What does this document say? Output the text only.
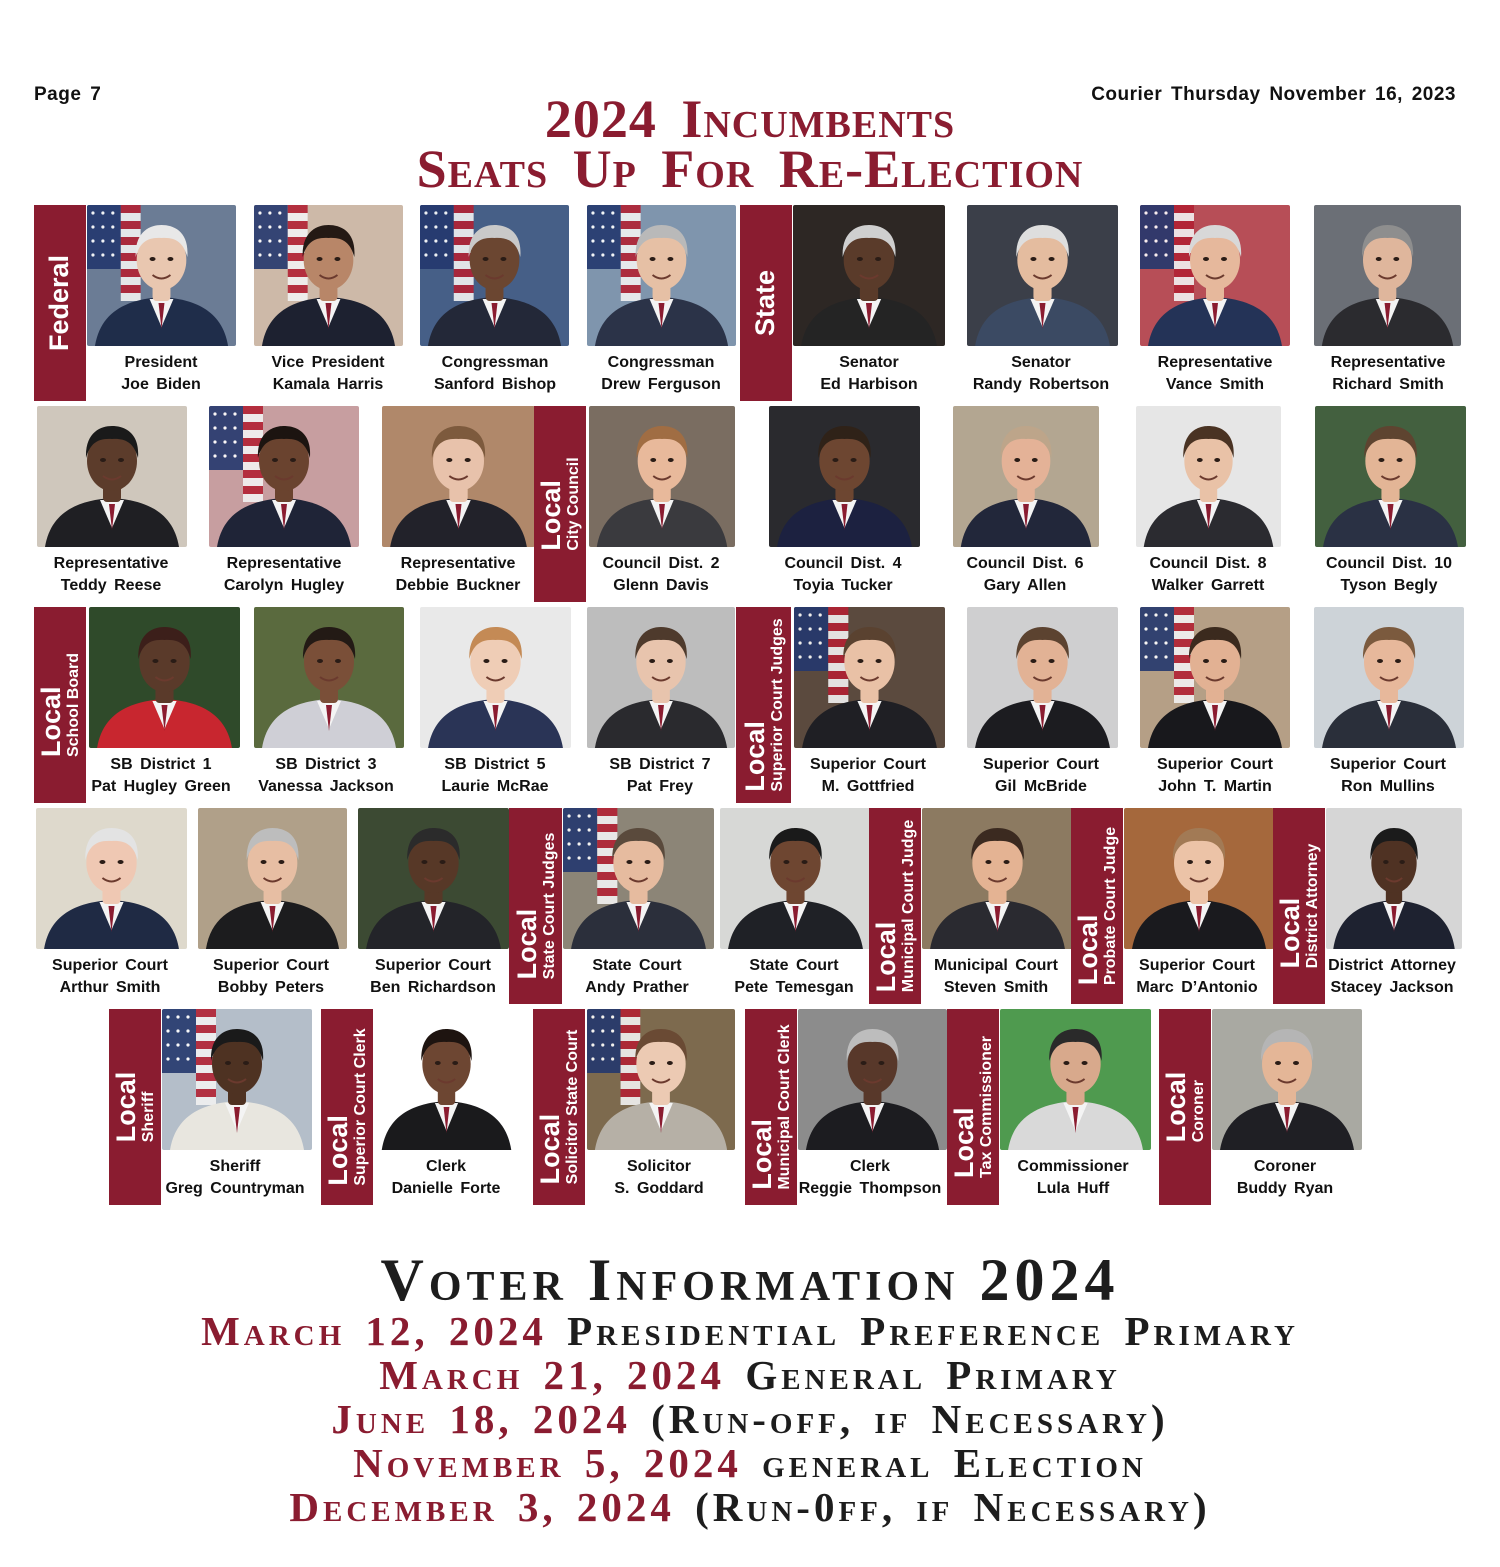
Page 7	Courier Thursday November 16, 2023
2024 Incumbents
Seats Up For Re-Election
President
Joe Biden
Vice President
Kamala Harris
Congressman
Sanford Bishop
Congressman
Drew Ferguson
Senator
Ed Harbison
Senator
Randy Robertson
Representative
Vance Smith
Representative
Richard Smith
Representative
Teddy Reese
Representative
Carolyn Hugley
Representative
Debbie Buckner
Council Dist. 2
Glenn Davis
Council Dist. 4
Toyia Tucker
Council Dist. 6
Gary Allen
Council Dist. 8
Walker Garrett
Council Dist. 10
Tyson Begly
SB District 1
Pat Hugley Green
SB District 3
Vanessa Jackson
SB District 5
Laurie McRae
SB District 7
Pat Frey
Superior Court
M. Gottfried
Superior Court
Gil McBride
Superior Court
John T. Martin
Superior Court
Ron Mullins
Superior Court
Arthur Smith
Superior Court
Bobby Peters
Superior Court
Ben Richardson
State Court
Andy Prather
State Court
Pete Temesgan
Municipal Court
Steven Smith
Superior Court
Marc D’Antonio
District Attorney
Stacey Jackson
Sheriff
Greg Countryman
Clerk
Danielle Forte
Solicitor
S. Goddard
Clerk
Reggie Thompson
Commissioner
Lula Huff
Coroner
Buddy Ryan
Federal	State
Local
City Council
Local
School Board	Local
Superior Court Judges
Local
State Court Judges	Local
Municipal Court Judge	Local
Probate Court Judge	Local
District Attorney
Local
Sheriff	Local
Superior Court Clerk	Local
Solicitor State Court	Local
Municipal Court Clerk	Local
Tax Commissioner	Local
Coroner
Voter Information 2024
March 12, 2024 Presidential Preference Primary
March 21, 2024 General Primary
June 18, 2024 (Run-off, if Necessary)
November 5, 2024 general Election
December 3, 2024 (Run-0ff, if Necessary)
